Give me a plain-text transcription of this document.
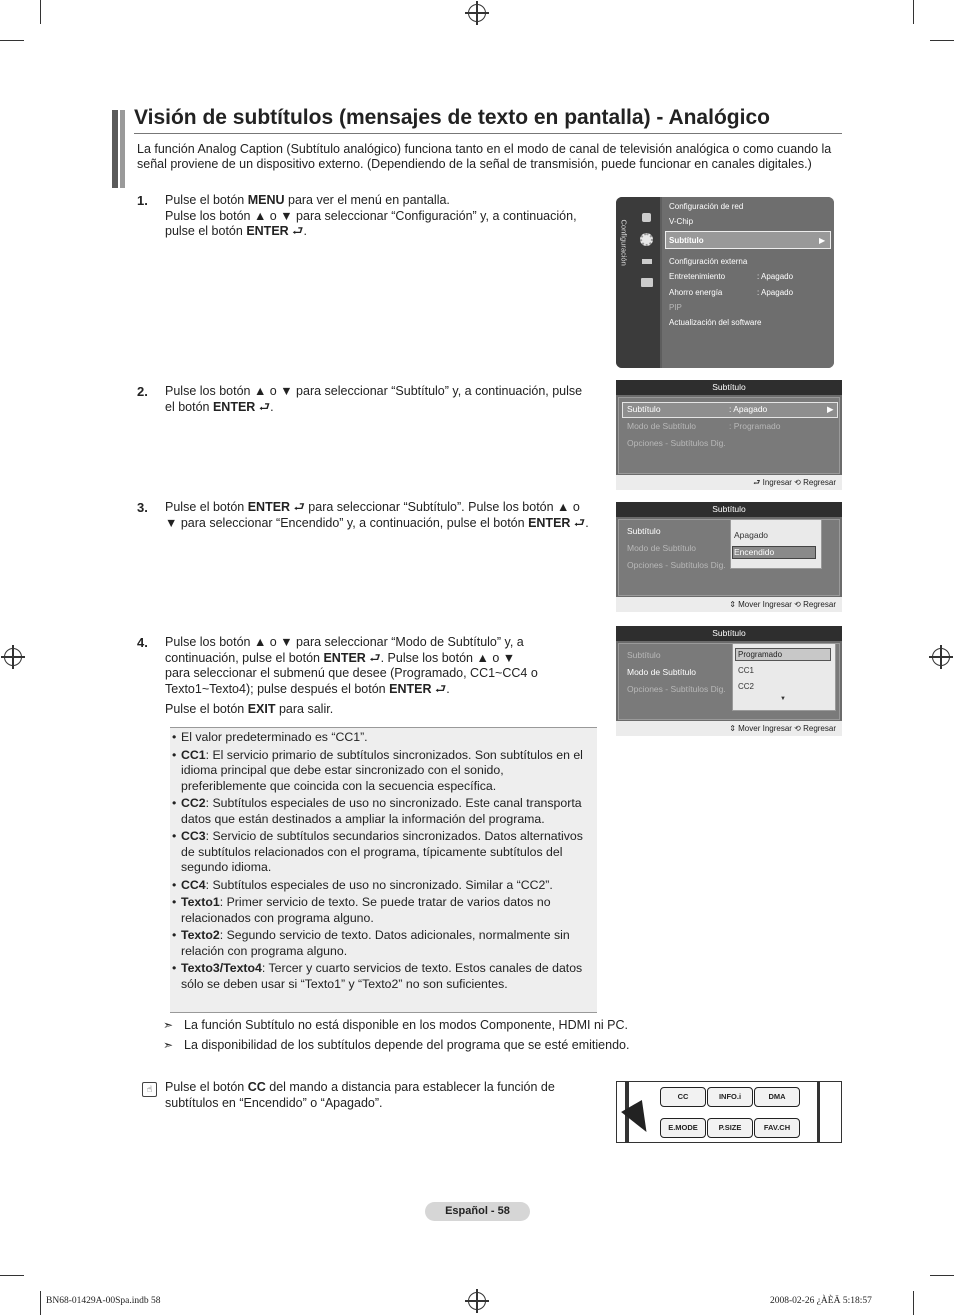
Visión de subtítulos (mensajes de texto en pantalla) - Analógico
La función Analog Caption (Subtítulo analógico) funciona tanto en el modo de canal de televisión analógica o como cuando la señal proviene de un dispositivo externo. (Dependiendo de la señal de transmisión, puede funcionar en canales digitales.)
1. Pulse el botón MENU para ver el menú en pantalla.
Pulse los botón ▲ o ▼ para seleccionar “Configuración” y, a continuación,
pulse el botón ENTER ⮐.	Configuración
Configuración de red
V-Chip
Subtítulo	▶
Configuración externa
Entretenimiento	: Apagado
Ahorro energía	: Apagado
PIP
Actualización del software
2. Pulse los botón ▲ o ▼ para seleccionar “Subtítulo” y, a continuación, pulse
el botón ENTER ⮐.
Subtítulo
Subtítulo	: Apagado	▶
Modo de Subtítulo	: Programado
Opciones - Subtítulos Dig.
⮐ Ingresar ⟲ Regresar
3. Pulse el botón ENTER ⮐ para seleccionar “Subtítulo”. Pulse los botón ▲ o
▼ para seleccionar “Encendido” y, a continuación, pulse el botón ENTER ⮐.
Subtítulo
Subtítulo
Modo de Subtítulo
Opciones - Subtítulos Dig.
Apagado
Encendido
⇕ Mover Ingresar ⟲ Regresar
4. Pulse los botón ▲ o ▼ para seleccionar “Modo de Subtítulo” y, a
continuación, pulse el botón ENTER ⮐. Pulse los botón ▲ o ▼
para seleccionar el submenú que desee (Programado, CC1~CC4 o
Texto1~Texto4); pulse después el botón ENTER ⮐.
Pulse el botón EXIT para salir.
Subtítulo
Subtítulo
Modo de Subtítulo
Opciones - Subtítulos Dig.
Programado
CC1
CC2
▼
⇕ Mover Ingresar ⟲ Regresar
• El valor predeterminado es “CC1”.
• CC1: El servicio primario de subtítulos sincronizados. Son subtítulos en el idioma principal que debe estar sincronizado con el sonido, preferiblemente que coincida con la secuencia específica.
• CC2: Subtítulos especiales de uso no sincronizado. Este canal transporta datos que están destinados a ampliar la información del programa.
• CC3: Servicio de subtítulos secundarios sincronizados. Datos alternativos de subtítulos relacionados con el programa, típicamente subtítulos del segundo idioma.
• CC4: Subtítulos especiales de uso no sincronizado. Similar a “CC2”.
• Texto1: Primer servicio de texto. Se puede tratar de varios datos no relacionados con programa alguno.
• Texto2: Segundo servicio de texto. Datos adicionales, normalmente sin relación con programa alguno.
• Texto3/Texto4: Tercer y cuarto servicios de texto. Estos canales de datos sólo se deben usar si “Texto1” y “Texto2” no son suficientes.
➣ La función Subtítulo no está disponible en los modos Componente, HDMI ni PC.
➣ La disponibilidad de los subtítulos depende del programa que se esté emitiendo.
☝	Pulse el botón CC del mando a distancia para establecer la función de
subtítulos en “Encendido” o “Apagado”.	CC	INFO.i	DMA
E.MODE	P.SIZE	FAV.CH
Español - 58
BN68-01429A-00Spa.indb 58	2008-02-26 ¿ÀÈÄ 5:18:57
